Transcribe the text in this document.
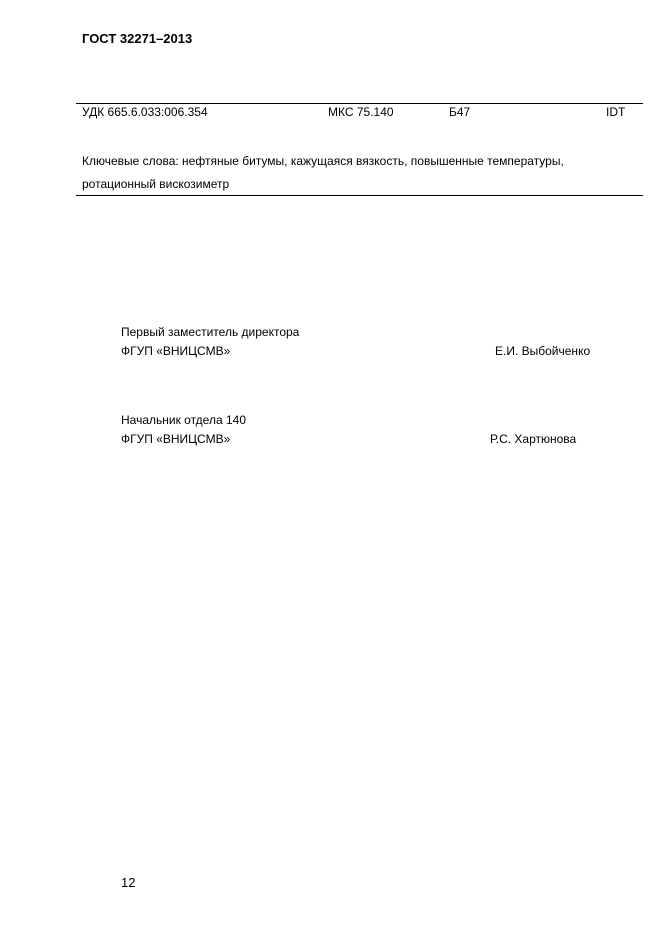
ГОСТ 32271–2013
УДК 665.6.033:006.354	МКС 75.140	Б47	IDT
Ключевые слова: нефтяные битумы, кажущаяся вязкость, повышенные температуры,
ротационный вискозиметр
Первый заместитель директора
ФГУП «ВНИЦСМВ»	Е.И. Выбойченко
Начальник отдела 140
ФГУП «ВНИЦСМВ»	Р.С. Хартюнова
12
